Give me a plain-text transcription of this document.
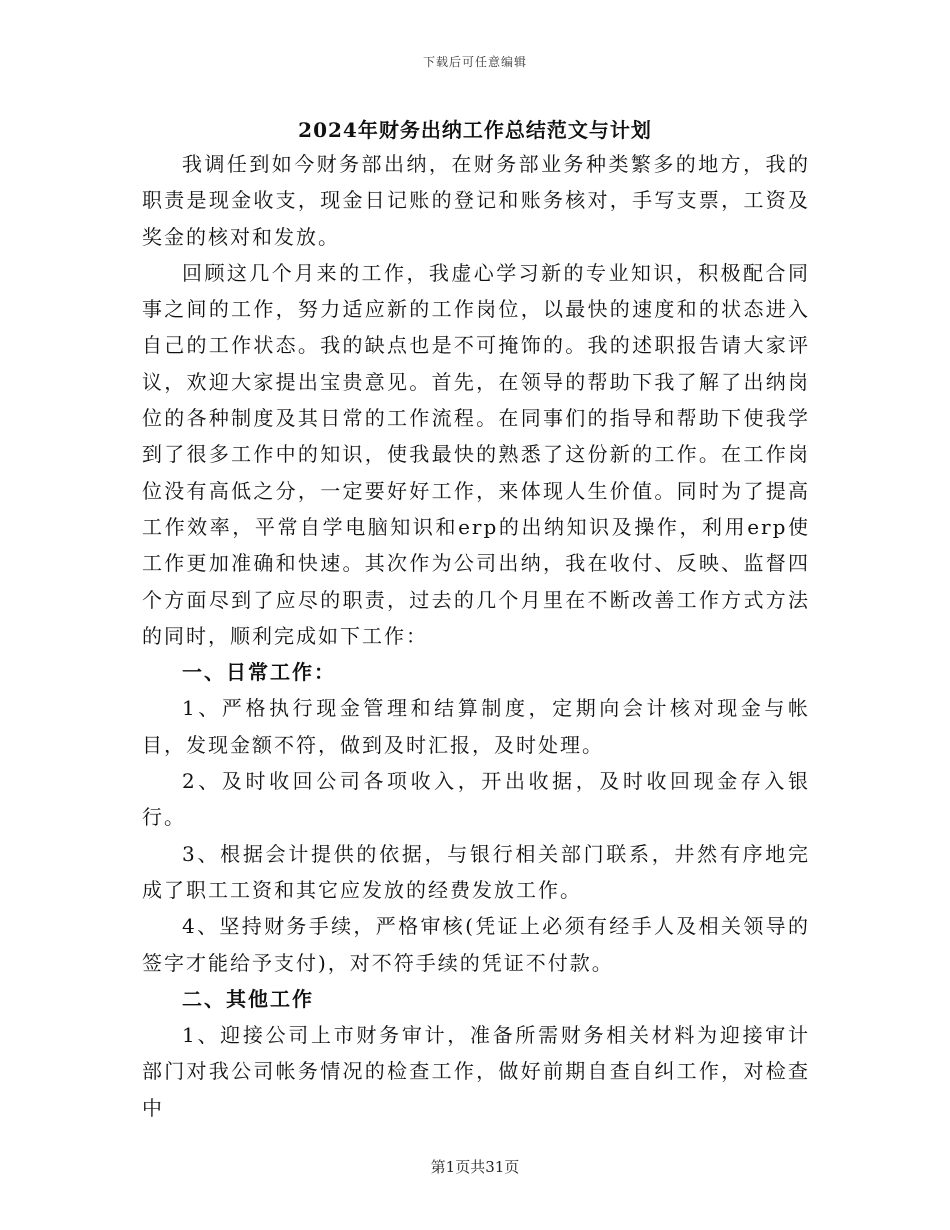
下载后可任意编辑
2024年财务出纳工作总结范文与计划

我调任到如今财务部出纳，在财务部业务种类繁多的地方，我的职责是现金收支，现金日记账的登记和账务核对，手写支票，工资及奖金的核对和发放。

回顾这几个月来的工作，我虚心学习新的专业知识，积极配合同事之间的工作，努力适应新的工作岗位，以最快的速度和的状态进入自己的工作状态。我的缺点也是不可掩饰的。我的述职报告请大家评议，欢迎大家提出宝贵意见。首先，在领导的帮助下我了解了出纳岗位的各种制度及其日常的工作流程。在同事们的指导和帮助下使我学到了很多工作中的知识，使我最快的熟悉了这份新的工作。在工作岗位没有高低之分，一定要好好工作，来体现人生价值。同时为了提高工作效率，平常自学电脑知识和erp的出纳知识及操作，利用erp使工作更加准确和快速。其次作为公司出纳，我在收付、反映、监督四个方面尽到了应尽的职责，过去的几个月里在不断改善工作方式方法的同时，顺利完成如下工作：

一、日常工作：

1、严格执行现金管理和结算制度，定期向会计核对现金与帐目，发现金额不符，做到及时汇报，及时处理。

2、及时收回公司各项收入，开出收据，及时收回现金存入银行。

3、根据会计提供的依据，与银行相关部门联系，井然有序地完成了职工工资和其它应发放的经费发放工作。

4、坚持财务手续，严格审核(凭证上必须有经手人及相关领导的签字才能给予支付)，对不符手续的凭证不付款。

二、其他工作

1、迎接公司上市财务审计，准备所需财务相关材料为迎接审计部门对我公司帐务情况的检查工作，做好前期自查自纠工作，对检查中

第1页共31页
